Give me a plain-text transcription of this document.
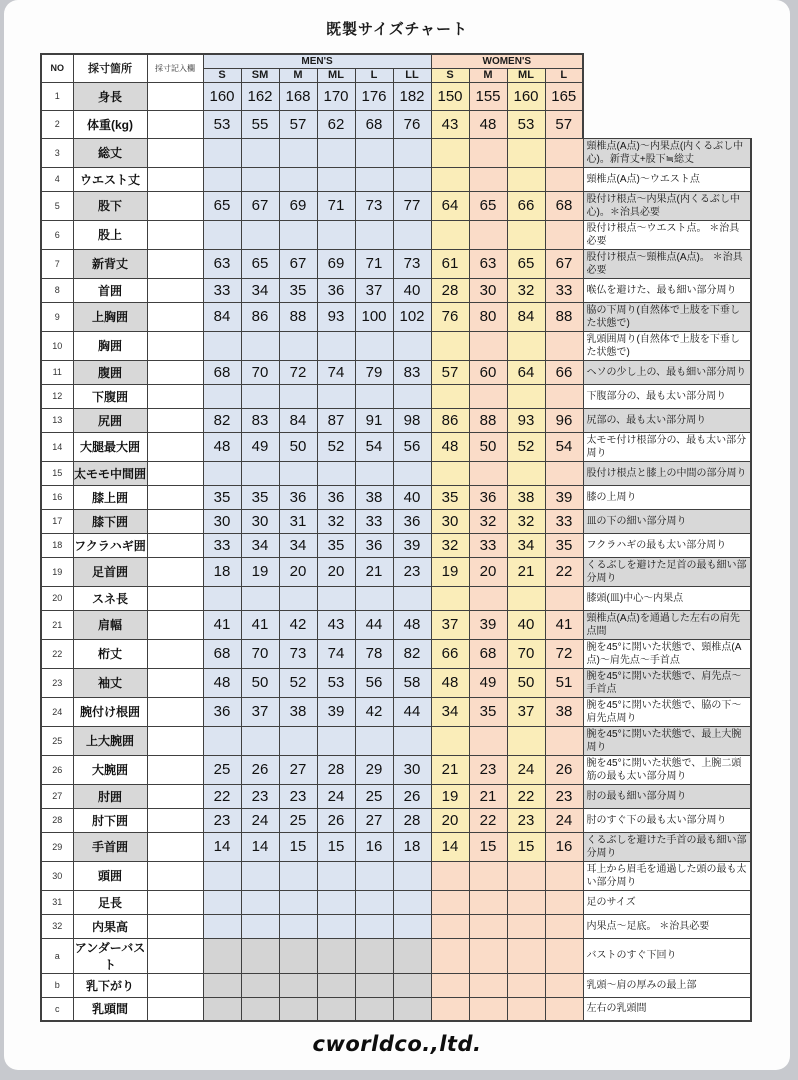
既製サイズチャート
NO	採寸箇所	採寸記入欄	MEN'S						WOMEN'S				
			S	SM	M	ML	L	LL	S	M	ML	L	
1	身長		160	162	168	170	176	182	150	155	160	165	
2	体重(kg)		53	55	57	62	68	76	43	48	53	57	
3	総丈												頸椎点(A点)〜内果点(内くるぶし中心)。新背丈+股下≒総丈
4	ウエスト丈												頸椎点(A点)〜ウエスト点
5	股下		65	67	69	71	73	77	64	65	66	68	股付け根点〜内果点(内くるぶし中心)。＊治具必要
6	股上												股付け根点〜ウエスト点。 ＊治具必要
7	新背丈		63	65	67	69	71	73	61	63	65	67	股付け根点〜頸椎点(A点)。 ＊治具必要
8	首囲		33	34	35	36	37	40	28	30	32	33	喉仏を避けた、最も細い部分周り
9	上胸囲		84	86	88	93	100	102	76	80	84	88	脇の下周り(自然体で上肢を下垂した状態で)
10	胸囲												乳頭囲周り(自然体で上肢を下垂した状態で)
11	腹囲		68	70	72	74	79	83	57	60	64	66	ヘソの少し上の、最も細い部分周り
12	下腹囲												下腹部分の、最も太い部分周り
13	尻囲		82	83	84	87	91	98	86	88	93	96	尻部の、最も太い部分周り
14	大腿最大囲		48	49	50	52	54	56	48	50	52	54	太モモ付け根部分の、最も太い部分周り
15	太モモ中間囲												股付け根点と膝上の中間の部分周り
16	膝上囲		35	35	36	36	38	40	35	36	38	39	膝の上周り
17	膝下囲		30	30	31	32	33	36	30	32	32	33	皿の下の細い部分周り
18	フクラハギ囲		33	34	34	35	36	39	32	33	34	35	フクラハギの最も太い部分周り
19	足首囲		18	19	20	20	21	23	19	20	21	22	くるぶしを避けた足首の最も細い部分周り
20	スネ長												膝頭(皿)中心〜内果点
21	肩幅		41	41	42	43	44	48	37	39	40	41	頸椎点(A点)を通過した左右の肩先点間
22	桁丈		68	70	73	74	78	82	66	68	70	72	腕を45°に開いた状態で、頸椎点(A点)〜肩先点〜手首点
23	袖丈		48	50	52	53	56	58	48	49	50	51	腕を45°に開いた状態で、肩先点〜手首点
24	腕付け根囲		36	37	38	39	42	44	34	35	37	38	腕を45°に開いた状態で、脇の下〜肩先点周り
25	上大腕囲												腕を45°に開いた状態で、最上大腕周り
26	大腕囲		25	26	27	28	29	30	21	23	24	26	腕を45°に開いた状態で、上腕二頭筋の最も太い部分周り
27	肘囲		22	23	23	24	25	26	19	21	22	23	肘の最も細い部分周り
28	肘下囲		23	24	25	26	27	28	20	22	23	24	肘のすぐ下の最も太い部分周り
29	手首囲		14	14	15	15	16	18	14	15	15	16	くるぶしを避けた手首の最も細い部分周り
30	頭囲												耳上から眉毛を通過した頭の最も太い部分周り
31	足長												足のサイズ
32	内果高												内果点〜足底。 ＊治具必要
a	アンダーバスト												バストのすぐ下回り
b	乳下がり												乳頭〜肩の厚みの最上部
c	乳頭間												左右の乳頭間
cworldco.,ltd.
